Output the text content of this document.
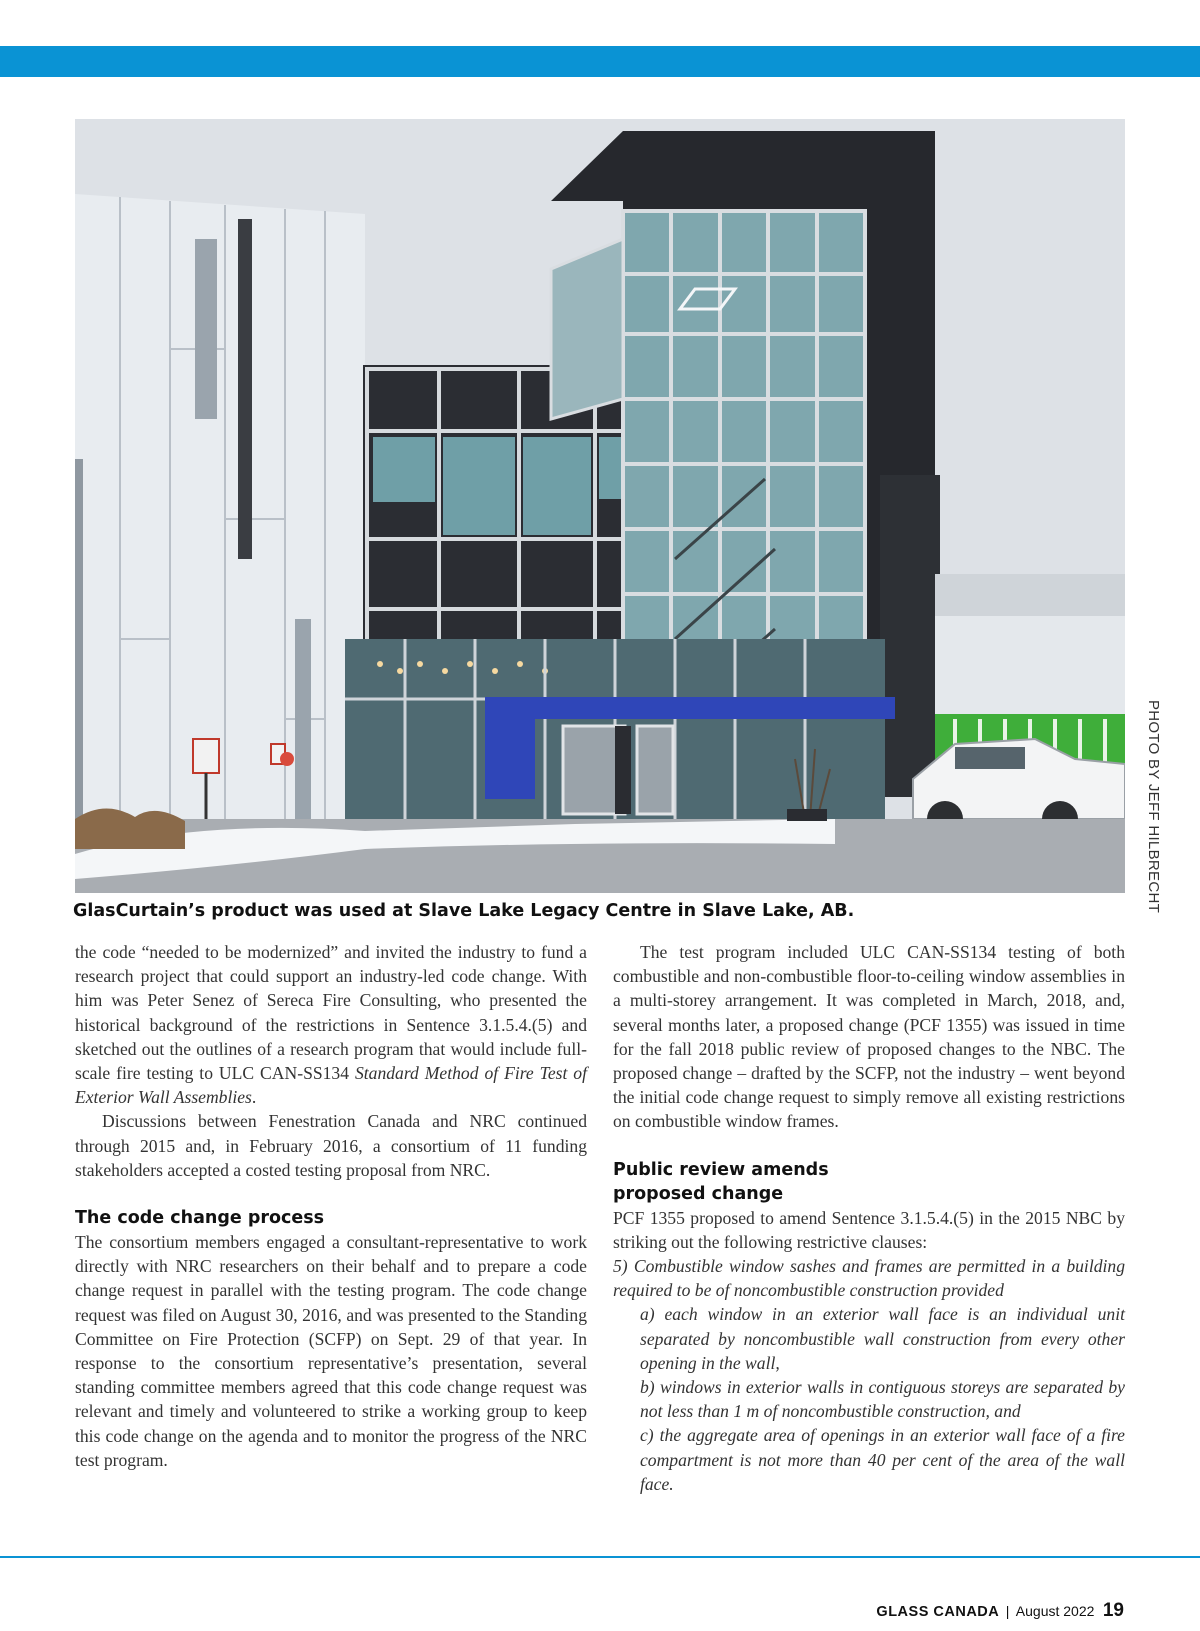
PHOTO BY JEFF HILBRECHT
GlasCurtain’s product was used at Slave Lake Legacy Centre in Slave Lake, AB.

the code “needed to be modernized” and invited the industry to fund a research project that could support an industry-led code change. With him was Peter Senez of Sereca Fire Consulting, who presented the historical background of the restrictions in Sentence 3.1.5.4.(5) and sketched out the outlines of a research program that would include full-scale fire testing to ULC CAN-SS134 Standard Method of Fire Test of Exterior Wall Assemblies.

Discussions between Fenestration Canada and NRC continued through 2015 and, in February 2016, a consortium of 11 funding stakeholders accepted a costed testing proposal from NRC.

The code change process

The consortium members engaged a consultant-representative to work directly with NRC researchers on their behalf and to prepare a code change request in parallel with the testing program. The code change request was filed on August 30, 2016, and was presented to the Standing Committee on Fire Protection (SCFP) on Sept. 29 of that year. In response to the consortium representative’s presentation, several standing committee members agreed that this code change request was relevant and timely and volunteered to strike a working group to keep this code change on the agenda and to monitor the progress of the NRC test program.

The test program included ULC CAN-SS134 testing of both combustible and non-combustible floor-to-ceiling window assemblies in a multi-storey arrangement. It was completed in March, 2018, and, several months later, a proposed change (PCF 1355) was issued in time for the fall 2018 public review of proposed changes to the NBC. The proposed change – drafted by the SCFP, not the industry – went beyond the initial code change request to simply remove all existing restrictions on combustible window frames.

Public review amends
proposed change

PCF 1355 proposed to amend Sentence 3.1.5.4.(5) in the 2015 NBC by striking out the following restrictive clauses:

5) Combustible window sashes and frames are permitted in a building required to be of noncombustible construction provided

a) each window in an exterior wall face is an individual unit separated by noncombustible wall construction from every other opening in the wall,

b) windows in exterior walls in contiguous storeys are separated by not less than 1 m of noncombustible construction, and

c) the aggregate area of openings in an exterior wall face of a fire compartment is not more than 40 per cent of the area of the wall face.

GLASS CANADA | August 2022 19
